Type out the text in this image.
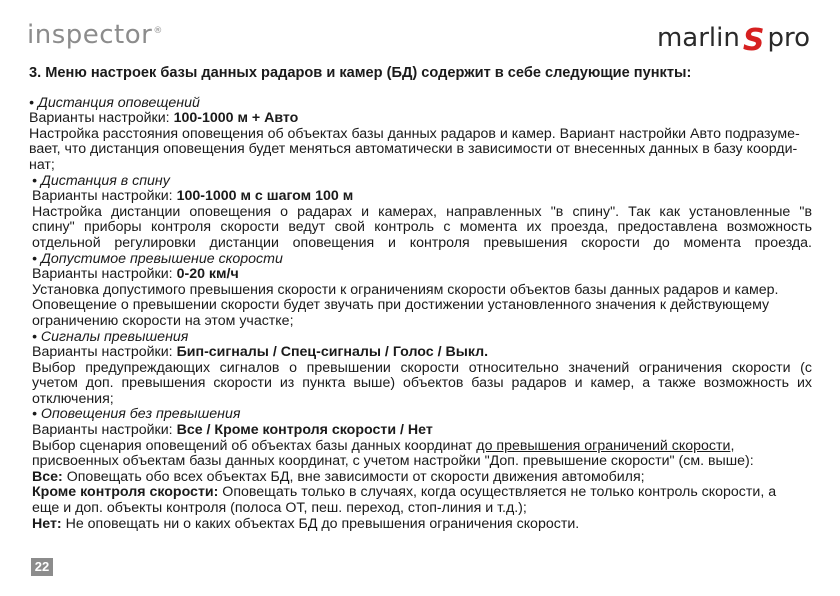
inspector®	marlin S pro
3. Меню настроек базы данных радаров и камер (БД) содержит в себе следующие пункты:
• Дистанция оповещений
Варианты настройки: 100-1000 м + Авто
Настройка расстояния оповещения об объектах базы данных радаров и камер. Вариант настройки Авто подразуме-
вает, что дистанция оповещения будет меняться автоматически в зависимости от внесенных данных в базу коорди-
нат;
• Дистанция в спину
Варианты настройки: 100-1000 м с шагом 100 м
Настройка дистанции оповещения о радарах и камерах, направленных "в спину". Так как установленные "в
спину" приборы контроля скорости ведут свой контроль с момента их проезда, предоставлена возможность
отдельной регулировки дистанции оповещения и контроля превышения скорости до момента проезда.
• Допустимое превышение скорости
Варианты настройки: 0-20 км/ч
Установка допустимого превышения скорости к ограничениям скорости объектов базы данных радаров и камер.
Оповещение о превышении скорости будет звучать при достижении установленного значения к действующему
ограничению скорости на этом участке;
• Сигналы превышения
Варианты настройки: Бип-сигналы / Спец-сигналы / Голос / Выкл.
Выбор предупреждающих сигналов о превышении скорости относительно значений ограничения скорости (с
учетом доп. превышения скорости из пункта выше) объектов базы радаров и камер, а также возможность их
отключения;
• Оповещения без превышения
Варианты настройки: Все / Кроме контроля скорости / Нет
Выбор сценария оповещений об объектах базы данных координат до превышения ограничений скорости,
присвоенных объектам базы данных координат, с учетом настройки "Доп. превышение скорости" (см. выше):
Все: Оповещать обо всех объектах БД, вне зависимости от скорости движения автомобиля;
Кроме контроля скорости: Оповещать только в случаях, когда осуществляется не только контроль скорости, а
еще и доп. объекты контроля (полоса ОТ, пеш. переход, стоп-линия и т.д.);
Нет: Не оповещать ни о каких объектах БД до превышения ограничения скорости.
22
